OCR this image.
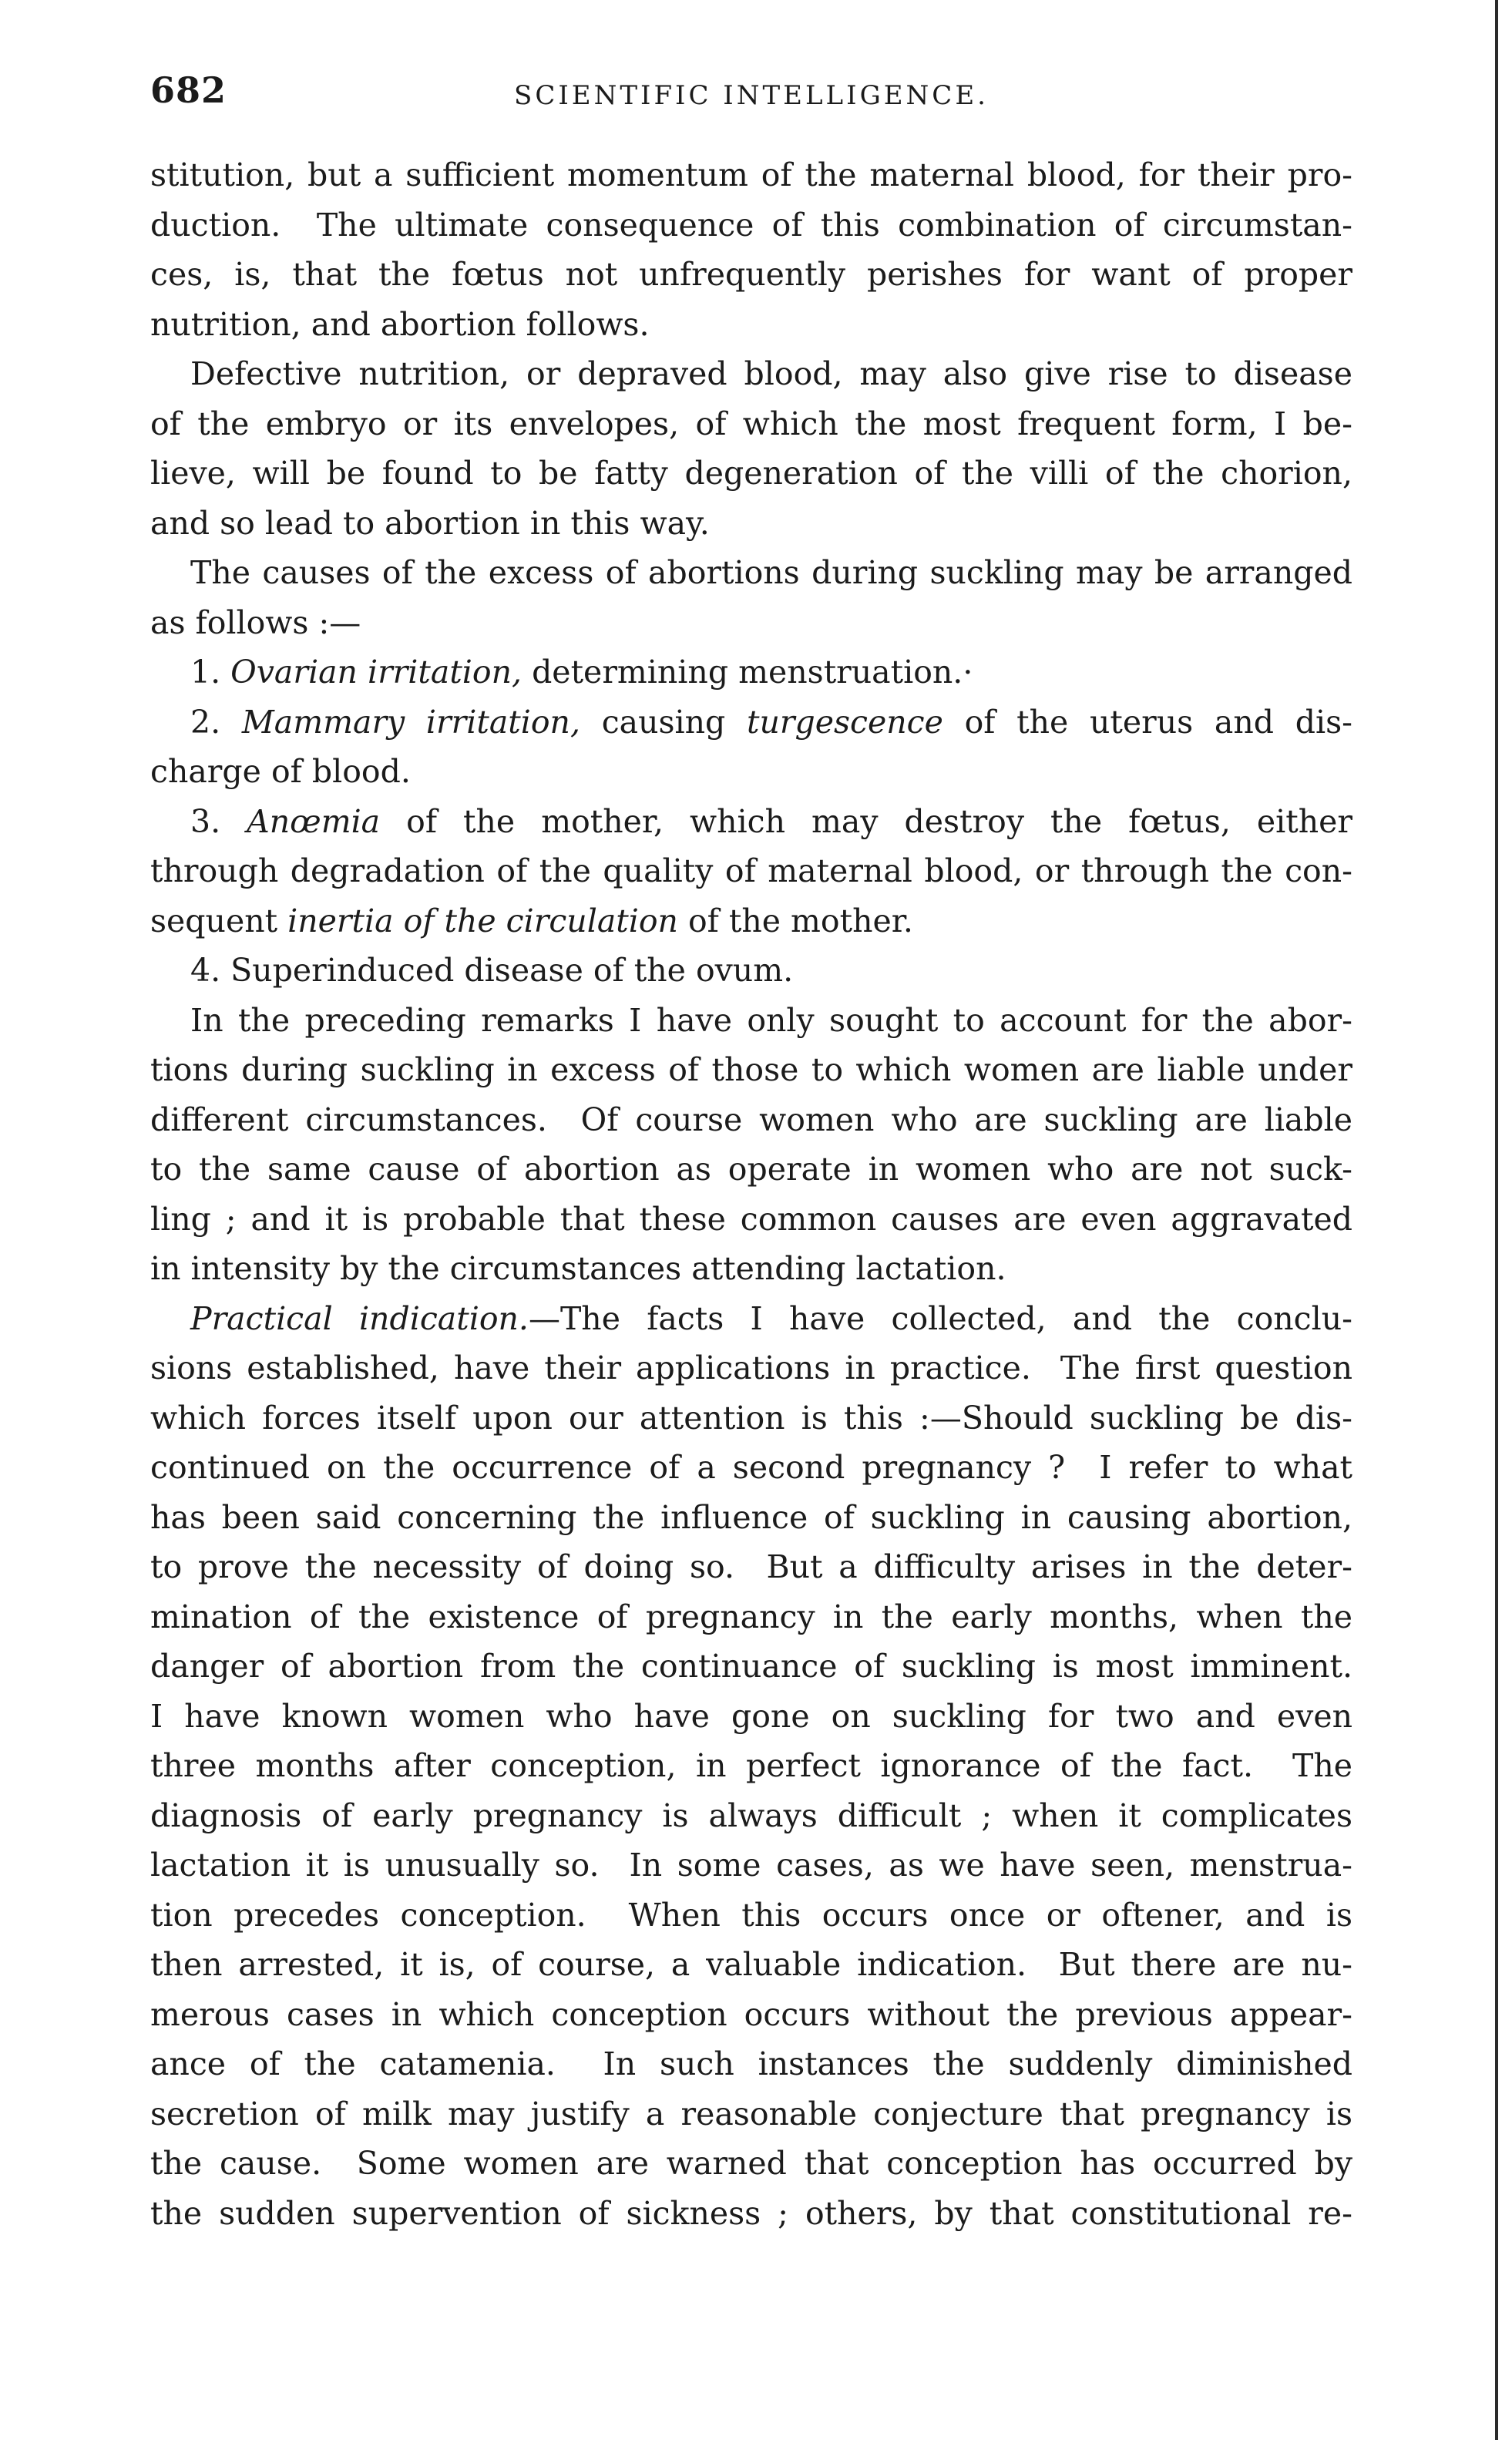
682	SCIENTIFIC INTELLIGENCE.
stitution, but a sufficient momentum of the maternal blood, for their pro-
duction.  The ultimate consequence of this combination of circumstan-
ces, is, that the fœtus not unfrequently perishes for want of proper
nutrition, and abortion follows.
Defective nutrition, or depraved blood, may also give rise to disease
of the embryo or its envelopes, of which the most frequent form, I be-
lieve, will be found to be fatty degeneration of the villi of the chorion,
and so lead to abortion in this way.
The causes of the excess of abortions during suckling may be arranged
as follows :—
1. Ovarian irritation, determining menstruation.·
2. Mammary irritation, causing turgescence of the uterus and dis-
charge of blood.
3. Anœmia of the mother, which may destroy the fœtus, either
through degradation of the quality of maternal blood, or through the con-
sequent inertia of the circulation of the mother.
4. Superinduced disease of the ovum.
In the preceding remarks I have only sought to account for the abor-
tions during suckling in excess of those to which women are liable under
different circumstances.  Of course women who are suckling are liable
to the same cause of abortion as operate in women who are not suck-
ling ; and it is probable that these common causes are even aggravated
in intensity by the circumstances attending lactation.
Practical indication.—The facts I have collected, and the conclu-
sions established, have their applications in practice.  The first question
which forces itself upon our attention is this :—Should suckling be dis-
continued on the occurrence of a second pregnancy ?  I refer to what
has been said concerning the influence of suckling in causing abortion,
to prove the necessity of doing so.  But a difficulty arises in the deter-
mination of the existence of pregnancy in the early months, when the
danger of abortion from the continuance of suckling is most imminent.
I have known women who have gone on suckling for two and even
three months after conception, in perfect ignorance of the fact.  The
diagnosis of early pregnancy is always difficult ; when it complicates
lactation it is unusually so.  In some cases, as we have seen, menstrua-
tion precedes conception.  When this occurs once or oftener, and is
then arrested, it is, of course, a valuable indication.  But there are nu-
merous cases in which conception occurs without the previous appear-
ance of the catamenia.  In such instances the suddenly diminished
secretion of milk may justify a reasonable conjecture that pregnancy is
the cause.  Some women are warned that conception has occurred by
the sudden supervention of sickness ; others, by that constitutional re-
